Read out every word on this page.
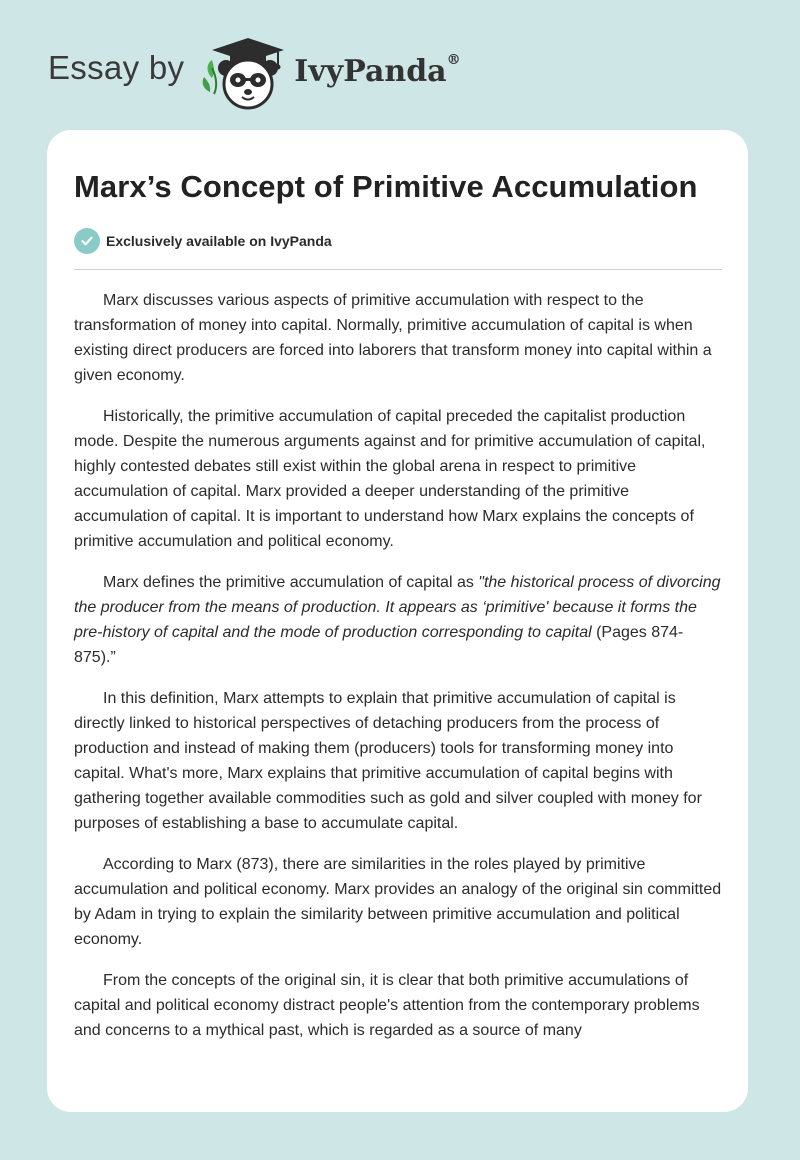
Essay by	IvyPanda®
Marx’s Concept of Primitive Accumulation
Exclusively available on IvyPanda

Marx discusses various aspects of primitive accumulation with respect to the transformation of money into capital. Normally, primitive accumulation of capital is when existing direct producers are forced into laborers that transform money into capital within a given economy.

Historically, the primitive accumulation of capital preceded the capitalist production mode. Despite the numerous arguments against and for primitive accumulation of capital, highly contested debates still exist within the global arena in respect to primitive accumulation of capital. Marx provided a deeper understanding of the primitive accumulation of capital. It is important to understand how Marx explains the concepts of primitive accumulation and political economy.

Marx defines the primitive accumulation of capital as "the historical process of divorcing the producer from the means of production. It appears as ‘primitive' because it forms the pre-history of capital and the mode of production corresponding to capital (Pages 874-875).”

In this definition, Marx attempts to explain that primitive accumulation of capital is directly linked to historical perspectives of detaching producers from the process of production and instead of making them (producers) tools for transforming money into capital. What's more, Marx explains that primitive accumulation of capital begins with gathering together available commodities such as gold and silver coupled with money for purposes of establishing a base to accumulate capital.

According to Marx (873), there are similarities in the roles played by primitive accumulation and political economy. Marx provides an analogy of the original sin committed by Adam in trying to explain the similarity between primitive accumulation and political economy.

From the concepts of the original sin, it is clear that both primitive accumulations of capital and political economy distract people's attention from the contemporary problems and concerns to a mythical past, which is regarded as a source of many
